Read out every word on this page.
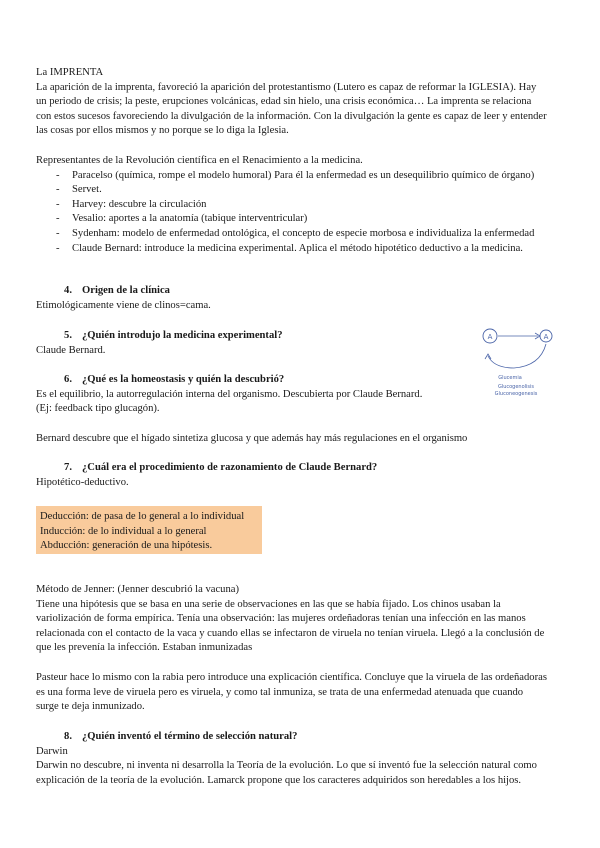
La IMPRENTA

La aparición de la imprenta, favoreció la aparición del protestantismo (Lutero es capaz de reformar la IGLESIA). Hay un periodo de crisis; la peste, erupciones volcánicas, edad sin hielo, una crisis económica… La imprenta se relaciona con estos sucesos favoreciendo la divulgación de la información. Con la divulgación la gente es capaz de leer y entender las cosas por ellos mismos y no porque se lo diga la Iglesia.

Representantes de la Revolución científica en el Renacimiento a la medicina.

- Paracelso (química, rompe el modelo humoral) Para él la enfermedad es un desequilibrio químico de órgano)
- Servet.
- Harvey: descubre la circulación
- Vesalio: aportes a la anatomía (tabique interventricular)
- Sydenham: modelo de enfermedad ontológica, el concepto de especie morbosa e individualiza la enfermedad
- Claude Bernard: introduce la medicina experimental. Aplica el método hipotético deductivo a la medicina.

4. Origen de la clínica

Etimológicamente viene de clinos=cama.

5. ¿Quién introdujo la medicina experimental?

Claude Bernard.

6. ¿Qué es la homeostasis y quién la descubrió?

Es el equilibrio, la autorregulación interna del organismo. Descubierta por Claude Bernard.

(Ej: feedback tipo glucagón).

Bernard descubre que el hígado sintetiza glucosa y que además hay más regulaciones en el organismo

A	A
Glucemia
Glucogenolisis
Gluconeogenesis

7. ¿Cuál era el procedimiento de razonamiento de Claude Bernard?

Hipotético-deductivo.

Deducción: de pasa de lo general a lo individual

Inducción: de lo individual a lo general

Abducción: generación de una hipótesis.

Método de Jenner: (Jenner descubrió la vacuna)

Tiene una hipótesis que se basa en una serie de observaciones en las que se había fijado. Los chinos usaban la variolización de forma empírica. Tenía una observación: las mujeres ordeñadoras tenían una infección en las manos relacionada con el contacto de la vaca y cuando ellas se infectaron de viruela no tenían viruela. Llegó a la conclusión de que les prevenía la infección. Estaban inmunizadas

Pasteur hace lo mismo con la rabia pero introduce una explicación científica. Concluye que la viruela de las ordeñadoras es una forma leve de viruela pero es viruela, y como tal inmuniza, se trata de una enfermedad atenuada que cuando surge te deja inmunizado.

8. ¿Quién inventó el término de selección natural?

Darwin

Darwin no descubre, ni inventa ni desarrolla la Teoría de la evolución. Lo que sí inventó fue la selección natural como explicación de la teoría de la evolución. Lamarck propone que los caracteres adquiridos son heredables a los hijos.
